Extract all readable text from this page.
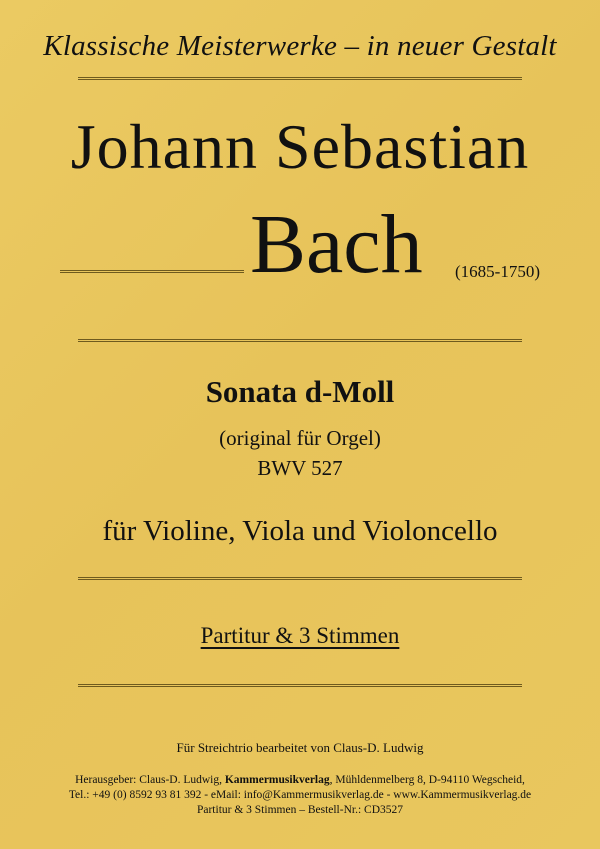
Klassische Meisterwerke – in neuer Gestalt
Johann Sebastian
Bach (1685-1750)
Sonata d-Moll
(original für Orgel)
BWV 527
für Violine, Viola und Violoncello
Partitur & 3 Stimmen
Für Streichtrio bearbeitet von Claus-D. Ludwig
Herausgeber: Claus-D. Ludwig, Kammermusikverlag, Mühldenmelberg 8, D-94110 Wegscheid,
Tel.: +49 (0) 8592 93 81 392 - eMail: info@Kammermusikverlag.de - www.Kammermusikverlag.de
Partitur & 3 Stimmen – Bestell-Nr.: CD3527
